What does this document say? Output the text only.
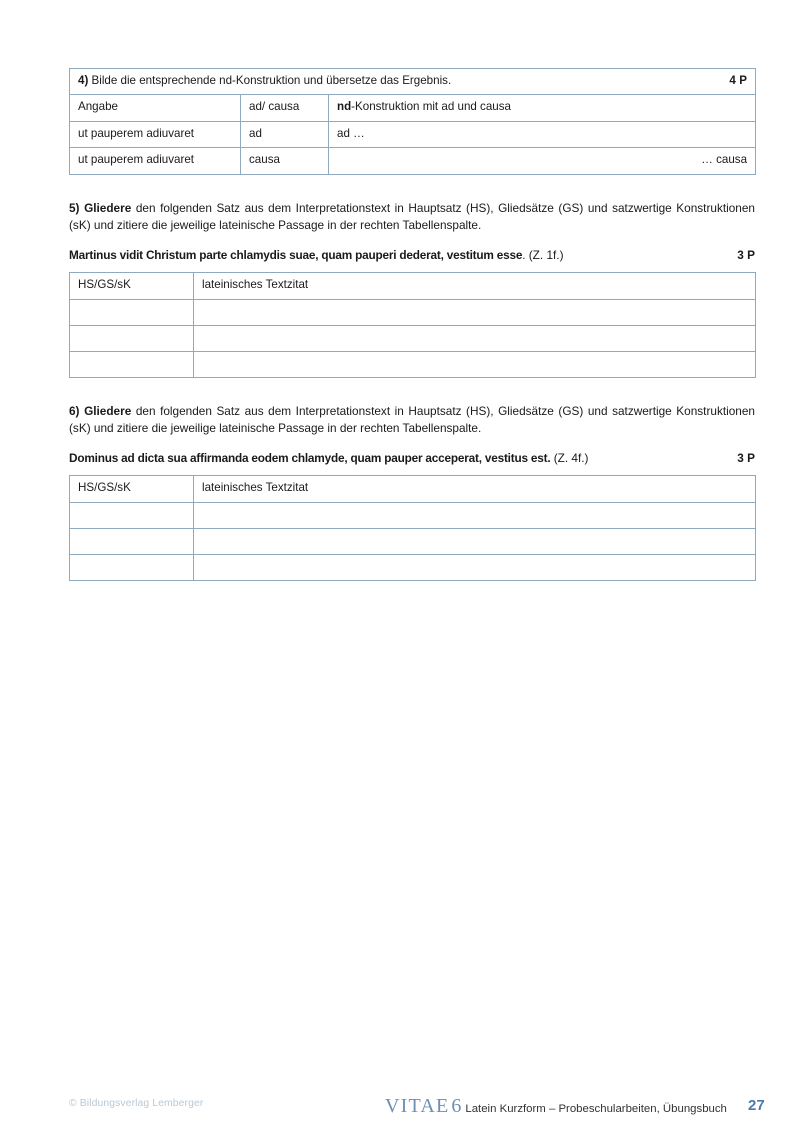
4) Bilde die entsprechende nd-Konstruktion und übersetze das Ergebnis. 4 P		

Angabe	ad/ causa	nd-Konstruktion mit ad und causa
ut pauperem adiuvaret	ad	ad …
ut pauperem adiuvaret	causa	… causa

5) Gliedere den folgenden Satz aus dem Interpretationstext in Hauptsatz (HS), Gliedsätze (GS) und satzwertige Konstruktionen (sK) und zitiere die jeweilige lateinische Passage in der rechten Tabellenspalte.

Martinus vidit Christum parte chlamydis suae, quam pauperi dederat, vestitum esse. (Z. 1f.)	3 P

HS/GS/sK	lateinisches Textzitat

6) Gliedere den folgenden Satz aus dem Interpretationstext in Hauptsatz (HS), Gliedsätze (GS) und satzwertige Konstruktionen (sK) und zitiere die jeweilige lateinische Passage in der rechten Tabellenspalte.

Dominus ad dicta sua affirmanda eodem chlamyde, quam pauper acceperat, vestitus est. (Z. 4f.)	3 P

HS/GS/sK	lateinisches Textzitat

© Bildungsverlag Lemberger	VITAE 6 Latein Kurzform – Probeschularbeiten, Übungsbuch 27
